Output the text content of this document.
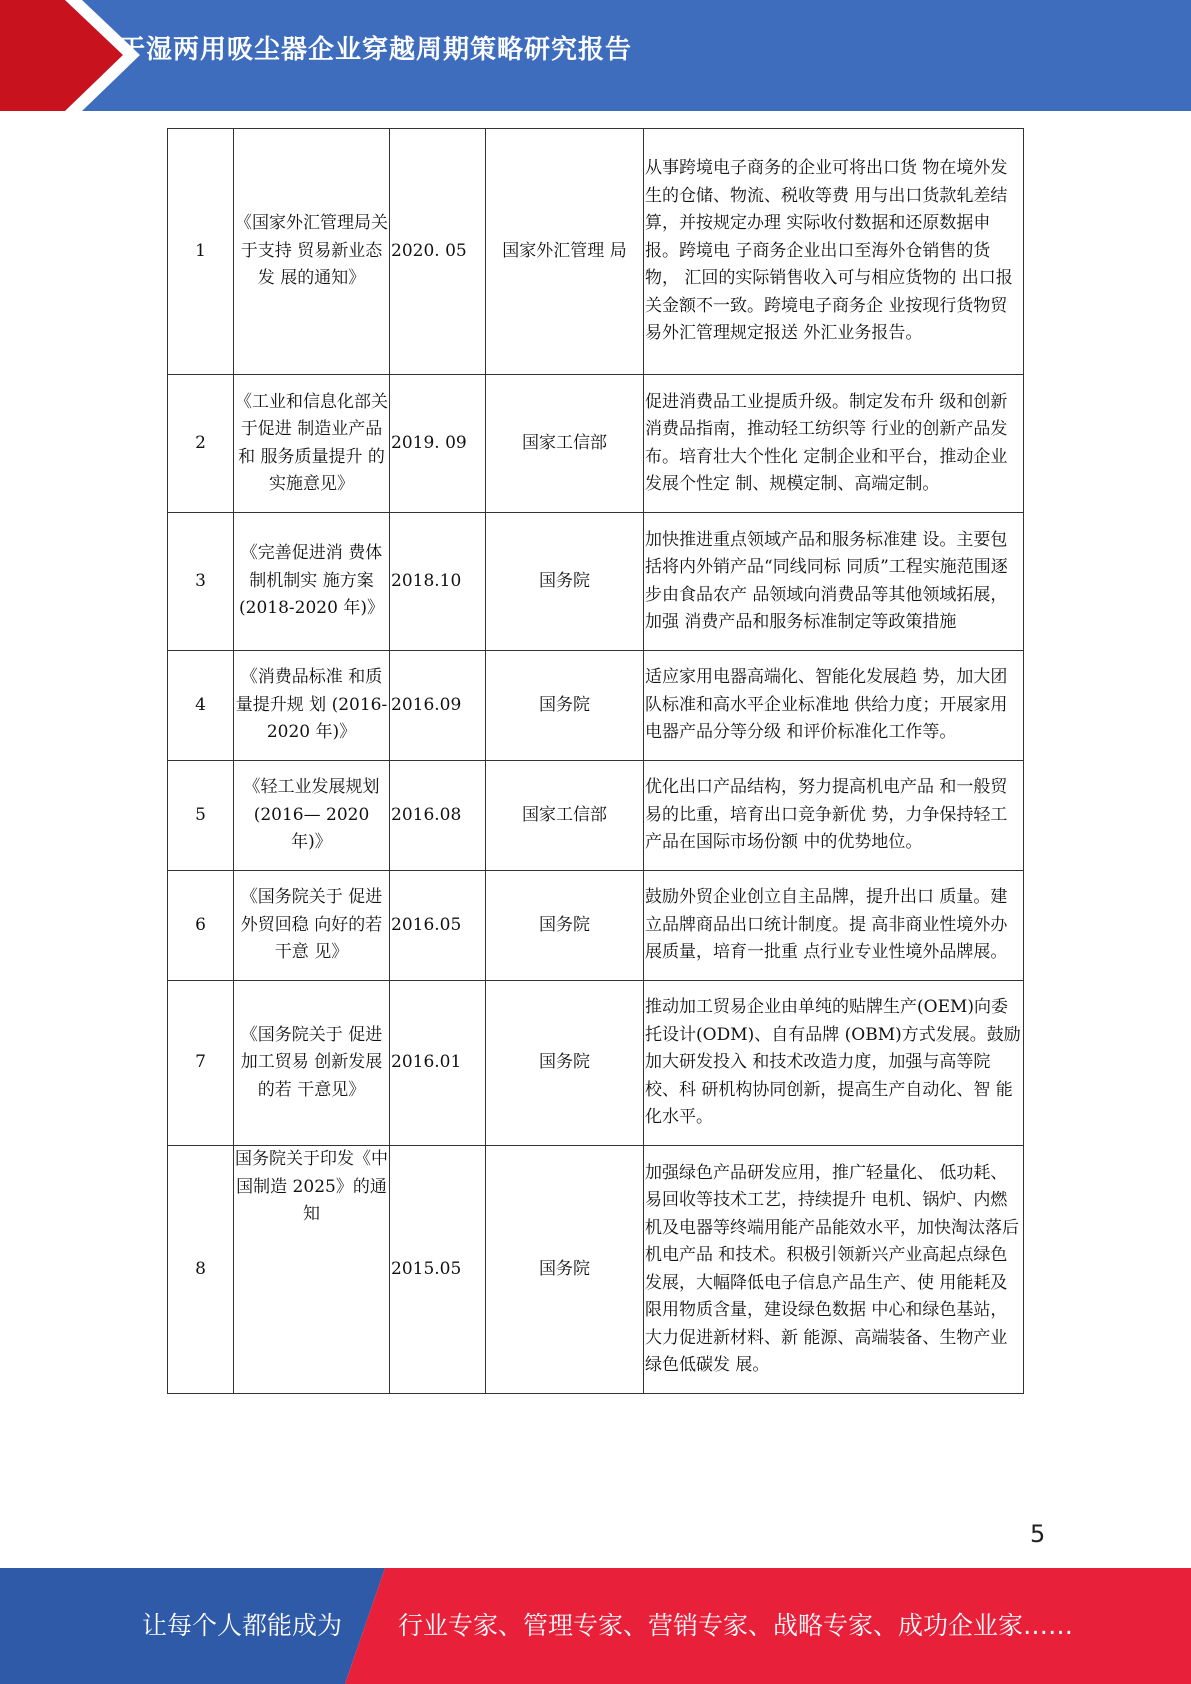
干湿两用吸尘器企业穿越周期策略研究报告
1	《国家外汇管理局关于支持 贸易新业态发 展的通知》	2020. 05	国家外汇管理 局	从事跨境电子商务的企业可将出口货 物在境外发生的仓储、物流、税收等费 用与出口货款轧差结算，并按规定办理 实际收付数据和还原数据申报。跨境电 子商务企业出口至海外仓销售的货物， 汇回的实际销售收入可与相应货物的 出口报关金额不一致。跨境电子商务企 业按现行货物贸易外汇管理规定报送 外汇业务报告。
2	《工业和信息化部关于促进 制造业产品和 服务质量提升 的实施意见》	2019. 09	国家工信部	促进消费品工业提质升级。制定发布升 级和创新消费品指南，推动轻工纺织等 行业的创新产品发布。培育壮大个性化 定制企业和平台，推动企业发展个性定 制、规模定制、高端定制。
3	《完善促进消 费体制机制实 施方案 (2018-2020 年)》	2018.10	国务院	加快推进重点领域产品和服务标准建 设。主要包括将内外销产品“同线同标 同质”工程实施范围逐步由食品农产 品领域向消费品等其他领域拓展，加强 消费产品和服务标准制定等政策措施
4	《消费品标准 和质量提升规 划 (2016-2020 年)》	2016.09	国务院	适应家用电器高端化、智能化发展趋 势，加大团队标准和高水平企业标准地 供给力度；开展家用电器产品分等分级 和评价标准化工作等。
5	《轻工业发展规划(2016— 2020 年)》	2016.08	国家工信部	优化出口产品结构，努力提高机电产品 和一般贸易的比重，培育出口竞争新优 势，力争保持轻工产品在国际市场份额 中的优势地位。
6	《国务院关于 促进外贸回稳 向好的若干意 见》	2016.05	国务院	鼓励外贸企业创立自主品牌，提升出口 质量。建立品牌商品出口统计制度。提 高非商业性境外办展质量，培育一批重 点行业专业性境外品牌展。
7	《国务院关于 促进加工贸易 创新发展的若 干意见》	2016.01	国务院	推动加工贸易企业由单纯的贴牌生产(OEM)向委托设计(ODM)、自有品牌 (OBM)方式发展。鼓励加大研发投入 和技术改造力度，加强与高等院校、科 研机构协同创新，提高生产自动化、智 能化水平。
8	国务院关于印发《中国制造 2025》的通知	2015.05	国务院	加强绿色产品研发应用，推广轻量化、 低功耗、易回收等技术工艺，持续提升 电机、锅炉、内燃机及电器等终端用能产品能效水平，加快淘汰落后机电产品 和技术。积极引领新兴产业高起点绿色 发展，大幅降低电子信息产品生产、使 用能耗及限用物质含量，建设绿色数据 中心和绿色基站，大力促进新材料、新 能源、高端装备、生物产业绿色低碳发 展。
5
让每个人都能成为 行业专家、管理专家、营销专家、战略专家、成功企业家……
